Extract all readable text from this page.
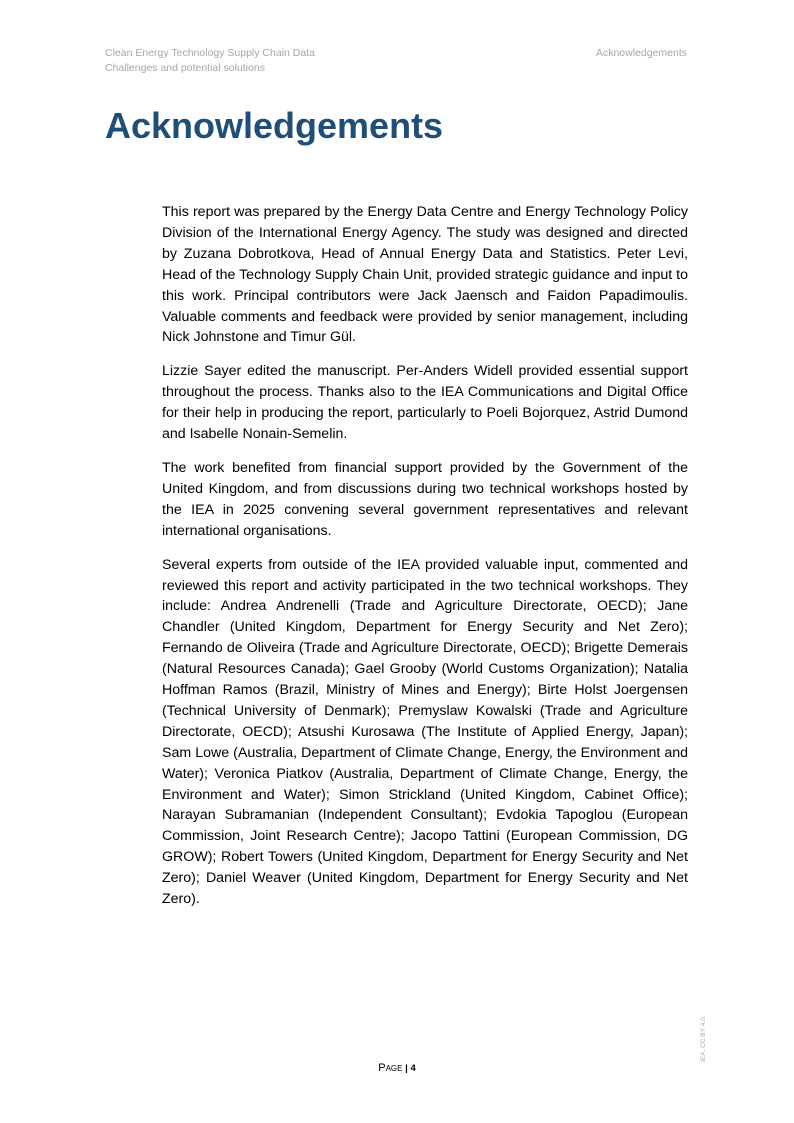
Clean Energy Technology Supply Chain Data
Challenges and potential solutions
Acknowledgements
Acknowledgements

This report was prepared by the Energy Data Centre and Energy Technology Policy Division of the International Energy Agency. The study was designed and directed by Zuzana Dobrotkova, Head of Annual Energy Data and Statistics. Peter Levi, Head of the Technology Supply Chain Unit, provided strategic guidance and input to this work. Principal contributors were Jack Jaensch and Faidon Papadimoulis. Valuable comments and feedback were provided by senior management, including Nick Johnstone and Timur Gül.

Lizzie Sayer edited the manuscript. Per-Anders Widell provided essential support throughout the process. Thanks also to the IEA Communications and Digital Office for their help in producing the report, particularly to Poeli Bojorquez, Astrid Dumond and Isabelle Nonain-Semelin.

The work benefited from financial support provided by the Government of the United Kingdom, and from discussions during two technical workshops hosted by the IEA in 2025 convening several government representatives and relevant international organisations.

Several experts from outside of the IEA provided valuable input, commented and reviewed this report and activity participated in the two technical workshops. They include: Andrea Andrenelli (Trade and Agriculture Directorate, OECD); Jane Chandler (United Kingdom, Department for Energy Security and Net Zero); Fernando de Oliveira (Trade and Agriculture Directorate, OECD); Brigette Demerais (Natural Resources Canada); Gael Grooby (World Customs Organization); Natalia Hoffman Ramos (Brazil, Ministry of Mines and Energy); Birte Holst Joergensen (Technical University of Denmark); Premyslaw Kowalski (Trade and Agriculture Directorate, OECD); Atsushi Kurosawa (The Institute of Applied Energy, Japan); Sam Lowe (Australia, Department of Climate Change, Energy, the Environment and Water); Veronica Piatkov (Australia, Department of Climate Change, Energy, the Environment and Water); Simon Strickland (United Kingdom, Cabinet Office); Narayan Subramanian (Independent Consultant); Evdokia Tapoglou (European Commission, Joint Research Centre); Jacopo Tattini (European Commission, DG GROW); Robert Towers (United Kingdom, Department for Energy Security and Net Zero); Daniel Weaver (United Kingdom, Department for Energy Security and Net Zero).

Page | 4
IEA. CC BY 4.0.
